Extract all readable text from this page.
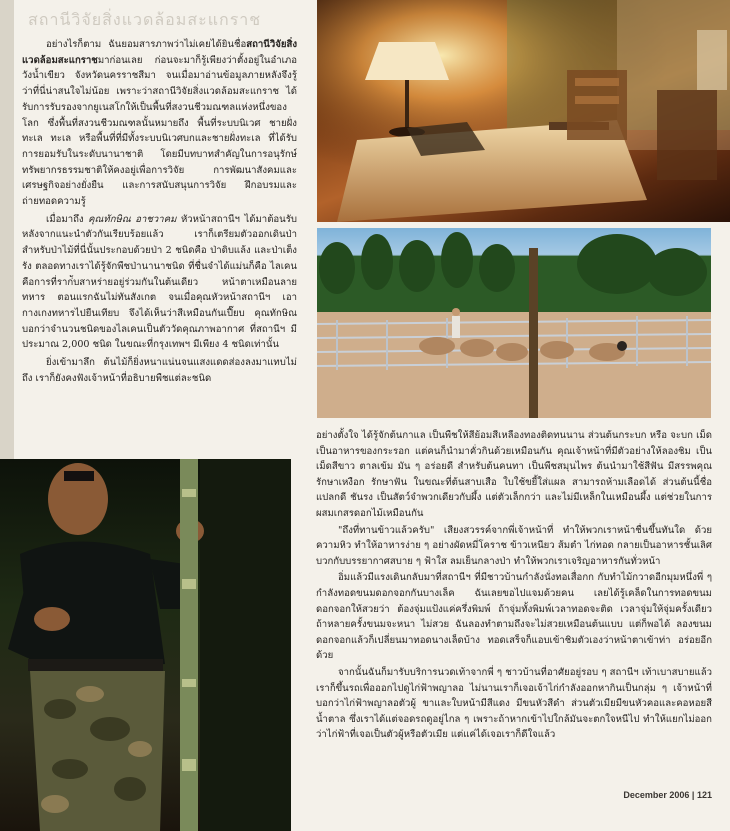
สถานีวิจัยสิ่งแวดล้อมสะแกราช

อย่างไรก็ตาม ฉันยอมสารภาพว่าไม่เคยได้ยินชื่อสถานีวิจัยสิ่งแวดล้อมสะแกราชมาก่อนเลย ก่อนจะมาก็รู้เพียงว่าตั้งอยู่ในอำเภอวังน้ำเขียว จังหวัดนครราชสีมา จนเมื่อมาอ่านข้อมูลภายหลังจึงรู้ว่าที่นี่น่าสนใจไม่น้อย เพราะว่าสถานีวิจัยสิ่งแวดล้อมสะแกราช ได้รับการรับรองจากยูเนสโกให้เป็นพื้นที่สงวนชีวมณฑลแห่งหนึ่งของโลก ซึ่งพื้นที่สงวนชีวมณฑลนั้นหมายถึง พื้นที่ระบบนิเวศ ชายฝั่งทะเล ทะเล หรือพื้นที่ที่มีทั้งระบบนิเวศบกและชายฝั่งทะเล ที่ได้รับการยอมรับในระดับนานาชาติ โดยมีบทบาทสำคัญในการอนุรักษ์ทรัพยากรธรรมชาติให้คงอยู่เพื่อการวิจัย การพัฒนาสังคมและเศรษฐกิจอย่างยั่งยืน และการสนับสนุนการวิจัย ฝึกอบรมและถ่ายทอดความรู้

เมื่อมาถึง คุณทักษิณ อาชวาคม หัวหน้าสถานีฯ ได้มาต้อนรับ หลังจากแนะนำตัวกันเรียบร้อยแล้ว เราก็เตรียมตัวออกเดินป่า สำหรับป่าไม้ที่นี่นั้นประกอบด้วยป่า 2 ชนิดคือ ป่าดิบแล้ง และป่าเต็งรัง ตลอดทางเราได้รู้จักพืชป่านานาชนิด ที่ชื่นจำได้แม่นก็คือ ไลเคน คือการที่ราก่ับสาหร่ายอยู่ร่วมกันในต้นเดียว หน้าตาเหมือนลายทหาร ตอนแรกฉันไม่ทันสังเกต จนเมื่อคุณหัวหน้าสถานีฯ เอากางเกงทหารไปยืนเทียบ จึงได้เห็นว่าสีเหมือนกันเปี๊ยบ คุณทักษิณบอกว่าจำนวนชนิดของไลเคนเป็นตัววัดคุณภาพอากาศ ที่สถานีฯ มีประมาณ 2,000 ชนิด ในขณะที่กรุงเทพฯ มีเพียง 4 ชนิดเท่านั้น

ยิ่งเข้ามาลึก ต้นไม้ก็ยิ่งหนาแน่นจนแสงแดดส่องลงมาแทบไม่ถึง เราก็ยังคงฟังเจ้าหน้าที่อธิบายพืชแต่ละชนิด

อย่างตั้งใจ ได้รู้จักต้นกาแล เป็นพืชให้สีย้อมสีเหลืองทองติดทนนาน ส่วนต้นกระบก หรือ จะบก เม็ดเป็นอาหารของกระรอก แต่คนก็นำมาคั่วกินด้วยเหมือนกัน คุณเจ้าหน้าที่มีตัวอย่างให้ลองชิม เป็นเม็ดสีขาว ตาลเข้ม มัน ๆ อร่อยดี สำหรับต้นคนทา เป็นพืชสมุนไพร ต้นนำมาใช้สีฟัน มีสรรพคุณรักษาเหงือก รักษาฟัน ในขณะที่ต้นสาบเสือ ใบใช้ขยี้ใส่แผล สามารถห้ามเลือดได้ ส่วนต้นนี้ชื่อแปลกดี ชันรง เป็นสัตว์จำพวกเดียวกับผึ้ง แต่ตัวเล็กกว่า และไม่มีเหล็กในเหมือนผึ้ง แต่ช่วยในการผสมเกสรดอกไม้เหมือนกัน

"ถึงที่ทานข้าวแล้วครับ" เสียงสวรรค์จากพี่เจ้าหน้าที่ ทำให้พวกเราหน้าชื่นขึ้นทันใด ด้วยความหิว ทำให้อาหารง่าย ๆ อย่างผัดหมี่โคราช ข้าวเหนียว ส้มตำ ไก่ทอด กลายเป็นอาหารชั้นเลิศ บวกกับบรรยากาศสบาย ๆ ฟ้าใส ลมเย็นกลางป่า ทำให้พวกเราเจริญอาหารกันทั่วหน้า

อิ่มแล้วมีแรงเดินกลับมาที่สถานีฯ ที่มีชาวบ้านกำลังนั่งทอเสื่อกก กับทำไม้กวาดอีกมุมหนึ่งพี่ ๆ กำลังทอดขนมดอกจอกกันบางเล็ค ฉันเลยขอไปแจมด้วยคน เลยได้รู้เคล็ดในการทอดขนมดอกจอกให้สวยว่า ต้องจุ่มแป้งแค่ครึ่งพิมพ์ ถ้าจุ่มทั้งพิมพ์เวลาทอดจะติด เวลาจุ่มให้จุ่มครั้งเดียว ถ้าหลายครั้งขนมจะหนา ไม่สวย ฉันลองทำตามถึงจะไม่สวยเหมือนต้นแบบ แต่ก็พอได้ ลองขนมดอกจอกแล้วก็เปลี่ยนมาทอดนางเล็ดบ้าง ทอดเสร็จก็แอบเข้าชิมตัวเองว่าหน้าตาเข้าท่า อร่อยอีกด้วย

จากนั้นฉันก็มารับบริการนวดเท้าจากพี่ ๆ ชาวบ้านที่อาศัยอยู่รอบ ๆ สถานีฯ เท้าเบาสบายแล้วเราก็ขึ้นรถเพื่อออกไปดูไก่ฟ้าพญาลอ ไม่นานเราก็เจอเจ้าไก่กำลังออกหากินเป็นกลุ่ม ๆ เจ้าหน้าที่บอกว่าไก่ฟ้าพญาลอตัวผู้ ขาและใบหน้ามีสีแดง มีขนหัวสีดำ ส่วนตัวเมียมีขนหัวคอและคอหอยสีน้ำตาล ซึ่งเราได้แต่จอดรถดูอยู่ไกล ๆ เพราะถ้าหากเข้าไปใกล้มันจะตกใจหนีไป ทำให้แยกไม่ออกว่าไก่ฟ้าที่เจอเป็นตัวผู้หรือตัวเมีย แต่แค่ได้เจอเราก็ดีใจแล้ว

December 2006 | 121
